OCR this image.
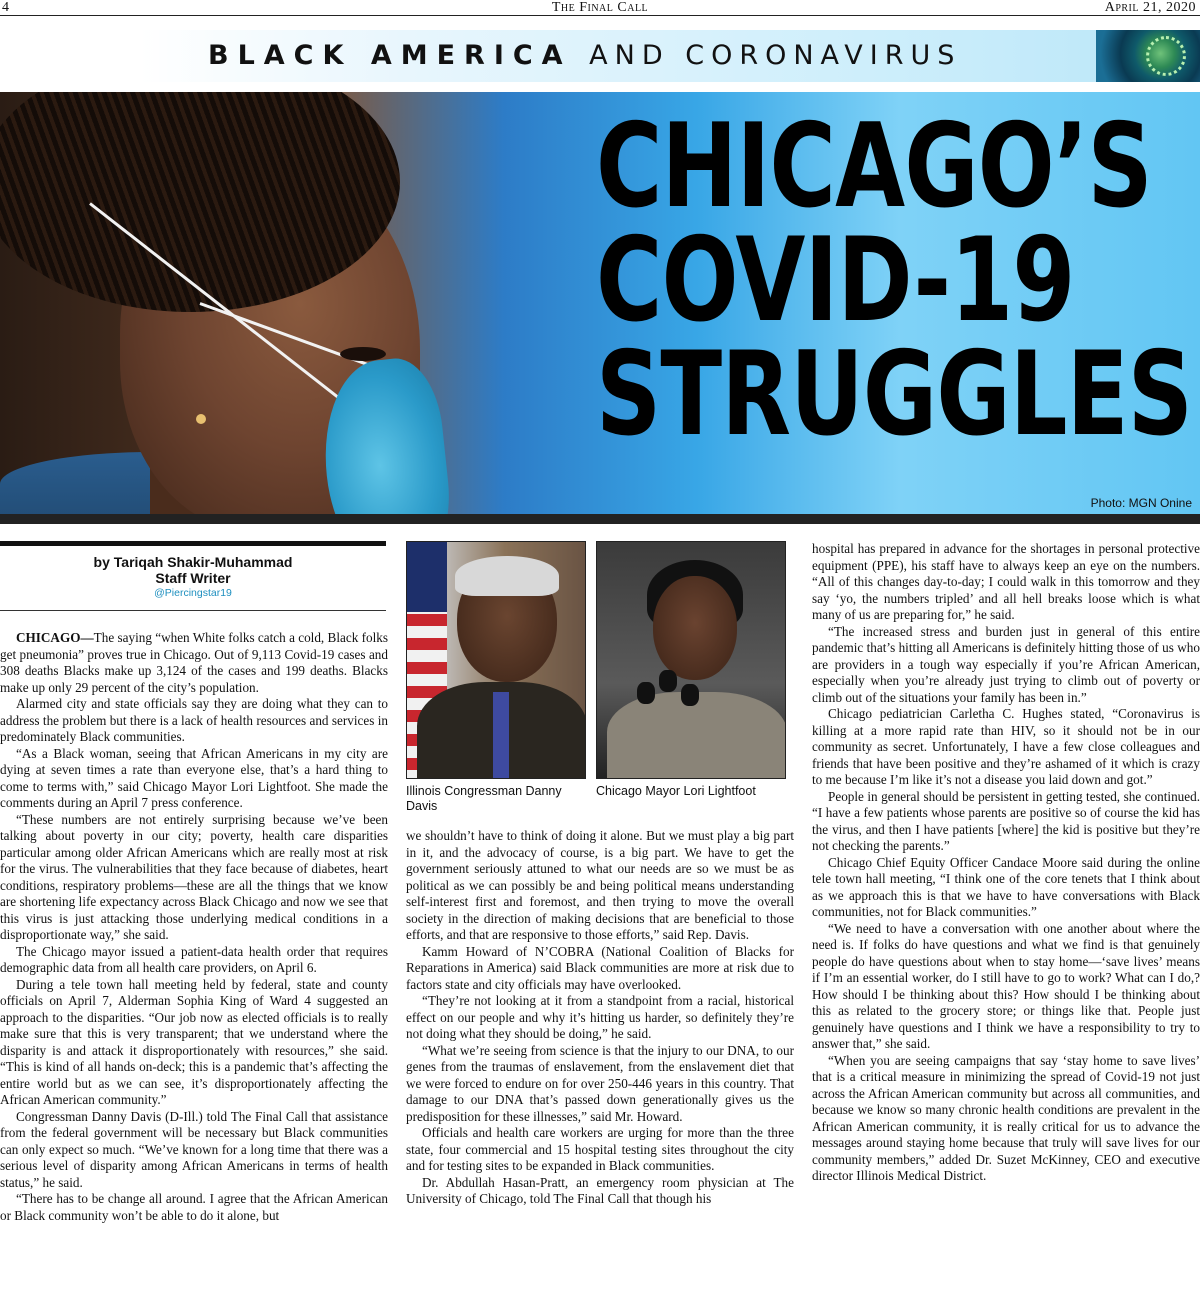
4	The Final Call	April 21, 2020
BLACK AMERICA AND CORONAVIRUS
CHICAGO’S
COVID-19
STRUGGLES
Photo: MGN Onine
by Tariqah Shakir-Muhammad
Staff Writer
@Piercingstar19
Illinois Congressman Danny Davis
Chicago Mayor Lori Lightfoot

CHICAGO—The saying “when White folks catch a cold, Black folks get pneumonia” proves true in Chicago. Out of 9,113 Covid-19 cases and 308 deaths Blacks make up 3,124 of the cases and 199 deaths. Blacks make up only 29 percent of the city’s population.

Alarmed city and state officials say they are doing what they can to address the problem but there is a lack of health resources and services in predominately Black communities.

“As a Black woman, seeing that African Americans in my city are dying at seven times a rate than everyone else, that’s a hard thing to come to terms with,” said Chicago Mayor Lori Lightfoot. She made the comments during an April 7 press conference.

“These numbers are not entirely surprising because we’ve been talking about poverty in our city; poverty, health care disparities particular among older African Americans which are really most at risk for the virus. The vulnerabilities that they face because of diabetes, heart conditions, respiratory problems—these are all the things that we know are shortening life expectancy across Black Chicago and now we see that this virus is just attacking those underlying medical conditions in a disproportionate way,” she said.

The Chicago mayor issued a patient-data health order that requires demographic data from all health care providers, on April 6.

During a tele town hall meeting held by federal, state and county officials on April 7, Alderman Sophia King of Ward 4 suggested an approach to the disparities. “Our job now as elected officials is to really make sure that this is very transparent; that we understand where the disparity is and attack it disproportionately with resources,” she said. “This is kind of all hands on-deck; this is a pandemic that’s affecting the entire world but as we can see, it’s disproportionately affecting the African American community.”

Congressman Danny Davis (D-Ill.) told The Final Call that assistance from the federal government will be necessary but Black communities can only expect so much. “We’ve known for a long time that there was a serious level of disparity among African Americans in terms of health status,” he said.

“There has to be change all around. I agree that the African American or Black community won’t be able to do it alone, but

we shouldn’t have to think of doing it alone. But we must play a big part in it, and the advocacy of course, is a big part. We have to get the government seriously attuned to what our needs are so we must be as political as we can possibly be and being political means understanding self-interest first and foremost, and then trying to move the overall society in the direction of making decisions that are beneficial to those efforts, and that are responsive to those efforts,” said Rep. Davis.

Kamm Howard of N’COBRA (National Coalition of Blacks for Reparations in America) said Black communities are more at risk due to factors state and city officials may have overlooked.

“They’re not looking at it from a standpoint from a racial, historical effect on our people and why it’s hitting us harder, so definitely they’re not doing what they should be doing,” he said.

“What we’re seeing from science is that the injury to our DNA, to our genes from the traumas of enslavement, from the enslavement diet that we were forced to endure on for over 250-446 years in this country. That damage to our DNA that’s passed down generationally gives us the predisposition for these illnesses,” said Mr. Howard.

Officials and health care workers are urging for more than the three state, four commercial and 15 hospital testing sites throughout the city and for testing sites to be expanded in Black communities.

Dr. Abdullah Hasan-Pratt, an emergency room physician at The University of Chicago, told The Final Call that though his

hospital has prepared in advance for the shortages in personal protective equipment (PPE), his staff have to always keep an eye on the numbers. “All of this changes day-to-day; I could walk in this tomorrow and they say ‘yo, the numbers tripled’ and all hell breaks loose which is what many of us are preparing for,” he said.

“The increased stress and burden just in general of this entire pandemic that’s hitting all Americans is definitely hitting those of us who are providers in a tough way especially if you’re African American, especially when you’re already just trying to climb out of poverty or climb out of the situations your family has been in.”

Chicago pediatrician Carletha C. Hughes stated, “Coronavirus is killing at a more rapid rate than HIV, so it should not be in our community as secret. Unfortunately, I have a few close colleagues and friends that have been positive and they’re ashamed of it which is crazy to me because I’m like it’s not a disease you laid down and got.”

People in general should be persistent in getting tested, she continued. “I have a few patients whose parents are positive so of course the kid has the virus, and then I have patients [where] the kid is positive but they’re not checking the parents.”

Chicago Chief Equity Officer Candace Moore said during the online tele town hall meeting, “I think one of the core tenets that I think about as we approach this is that we have to have conversations with Black communities, not for Black communities.”

“We need to have a conversation with one another about where the need is. If folks do have questions and what we find is that genuinely people do have questions about when to stay home—‘save lives’ means if I’m an essential worker, do I still have to go to work? What can I do,? How should I be thinking about this? How should I be thinking about this as related to the grocery store; or things like that. People just genuinely have questions and I think we have a responsibility to try to answer that,” she said.

“When you are seeing campaigns that say ‘stay home to save lives’ that is a critical measure in minimizing the spread of Covid-19 not just across the African American community but across all communities, and because we know so many chronic health conditions are prevalent in the African American community, it is really critical for us to advance the messages around staying home because that truly will save lives for our community members,” added Dr. Suzet McKinney, CEO and executive director Illinois Medical District.
